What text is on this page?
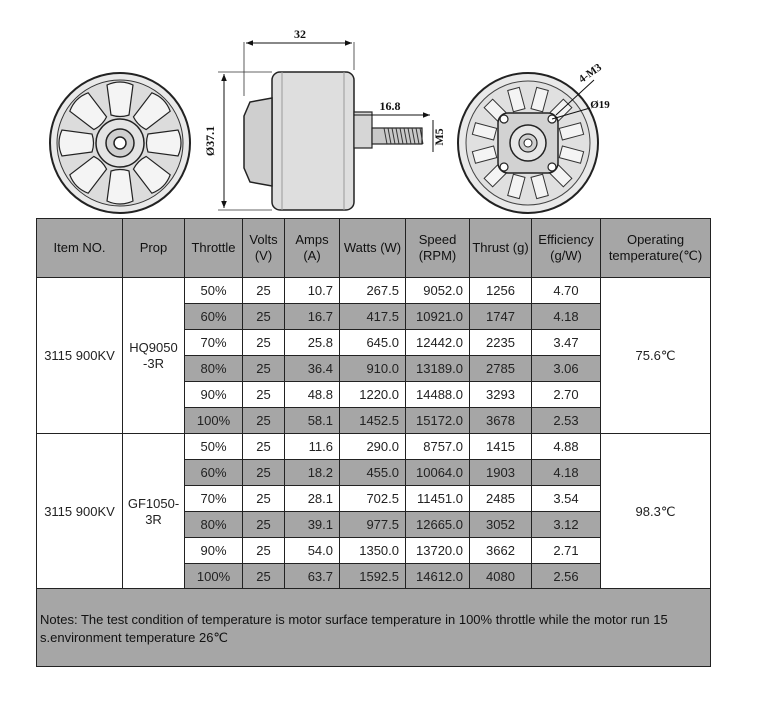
32
16.8
Ø37.1	M5
4-M3
Ø19
Item NO.	Prop	Throttle	Volts (V)	Amps (A)	Watts (W)	Speed (RPM)	Thrust (g)	Efficiency (g/W)	Operating temperature(℃)
3115 900KV	HQ9050 -3R	50%	25	10.7	267.5	9052.0	1256	4.70	75.6℃
		60%	25	16.7	417.5	10921.0	1747	4.18	
		70%	25	25.8	645.0	12442.0	2235	3.47	
		80%	25	36.4	910.0	13189.0	2785	3.06	
		90%	25	48.8	1220.0	14488.0	3293	2.70	
		100%	25	58.1	1452.5	15172.0	3678	2.53	
3115 900KV	GF1050- 3R	50%	25	11.6	290.0	8757.0	1415	4.88	98.3℃
		60%	25	18.2	455.0	10064.0	1903	4.18	
		70%	25	28.1	702.5	11451.0	2485	3.54	
		80%	25	39.1	977.5	12665.0	3052	3.12	
		90%	25	54.0	1350.0	13720.0	3662	2.71	
		100%	25	63.7	1592.5	14612.0	4080	2.56	
Notes: The test condition of temperature is motor surface temperature in 100% throttle while the motor run 15 s.environment temperature 26℃
